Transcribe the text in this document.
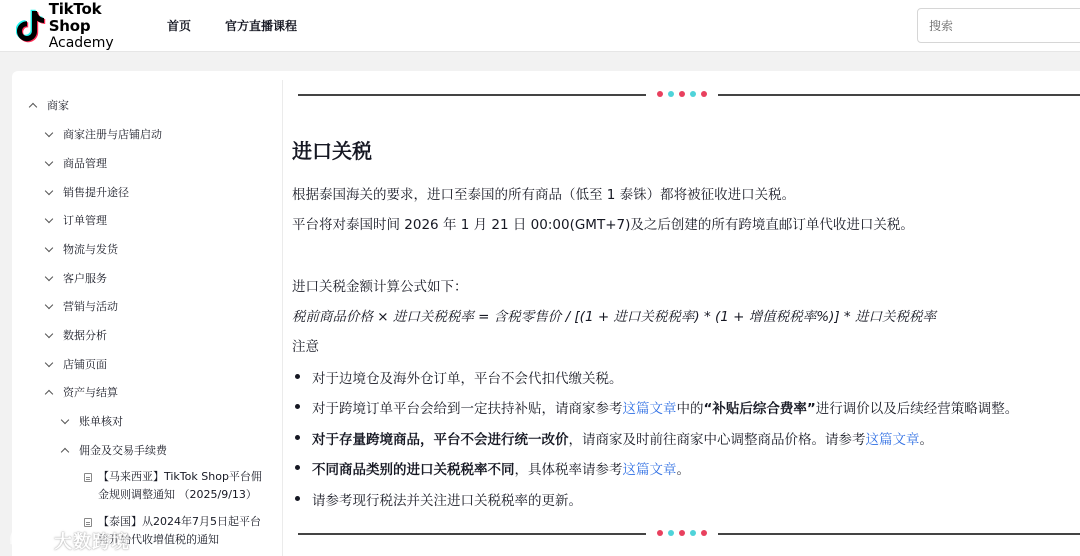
TikTok Shop
Academy
首页	官方直播课程
搜索
商家
商家注册与店铺启动
商品管理
销售提升途径
订单管理
物流与发货
客户服务
营销与活动
数据分析
店铺页面
资产与结算
账单核对
佣金及交易手续费
【马来西亚】TikTok Shop平台佣
金规则调整通知 （2025/9/13）
【泰国】从2024年7月5日起平台
将开始代收增值税的通知
进口关税
根据泰国海关的要求，进口至泰国的所有商品（低至 1 泰铢）都将被征收进口关税。
平台将对泰国时间 2026 年 1 月 21 日 00:00(GMT+7)及之后创建的所有跨境直邮订单代收进口关税。
进口关税金额计算公式如下：
税前商品价格 × 进口关税税率 = 含税零售价 / [(1 + 进口关税税率) * (1 + 增值税税率%)] * 进口关税税率
注意
对于边境仓及海外仓订单，平台不会代扣代缴关税。
对于跨境订单平台会给到一定扶持补贴，请商家参考这篇文章中的“补贴后综合费率”进行调价以及后续经营策略调整。
对于存量跨境商品，平台不会进行统一改价，请商家及时前往商家中心调整商品价格。请参考这篇文章。
不同商品类别的进口关税税率不同，具体税率请参考这篇文章。
请参考现行税法并关注进口关税税率的更新。
大数跨境
